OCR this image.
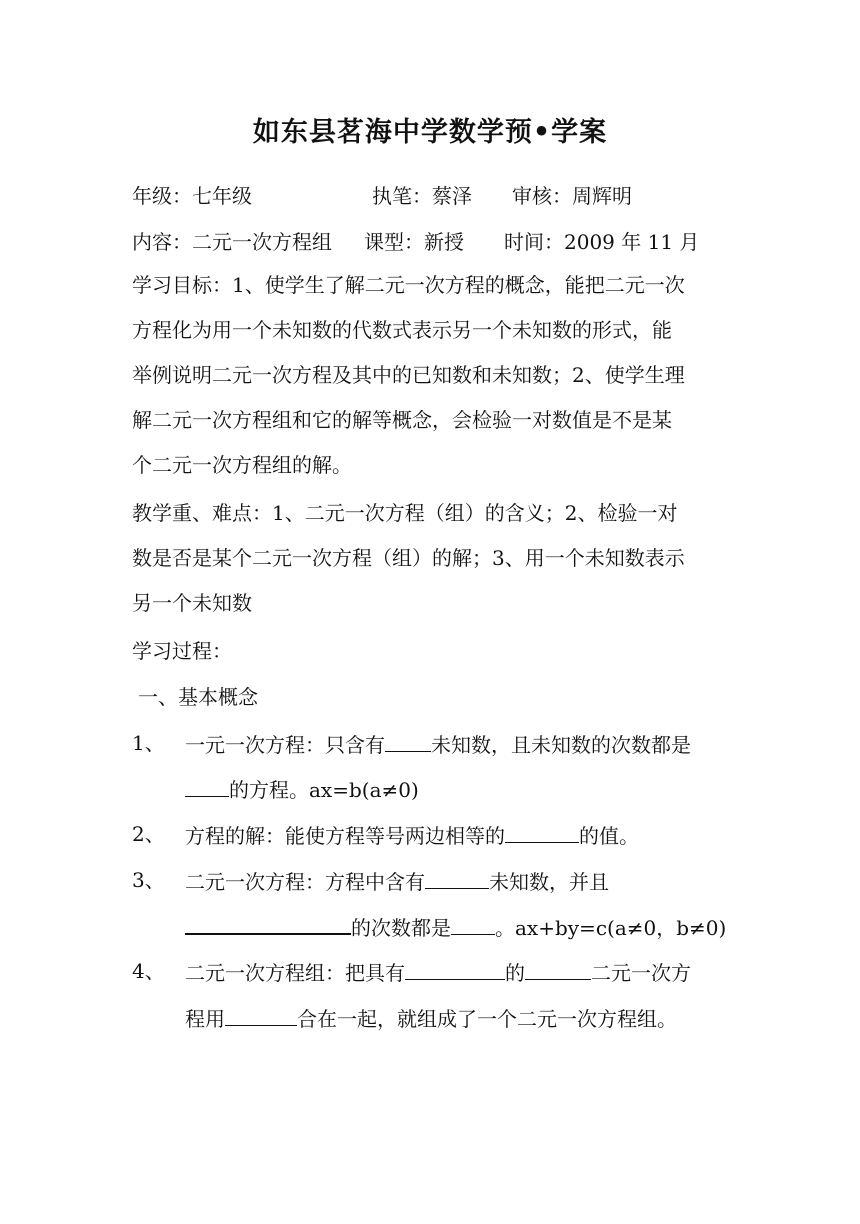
如东县茗海中学数学预•学案
年级：七年级	执笔：蔡泽 审核：周辉明
内容：二元一次方程组 课型：新授 时间：2009 年 11 月
学习目标：1、使学生了解二元一次方程的概念，能把二元一次
方程化为用一个未知数的代数式表示另一个未知数的形式，能
举例说明二元一次方程及其中的已知数和未知数；2、使学生理
解二元一次方程组和它的解等概念，会检验一对数值是不是某
个二元一次方程组的解。
教学重、难点：1、二元一次方程（组）的含义；2、检验一对
数是否是某个二元一次方程（组）的解；3、用一个未知数表示
另一个未知数
学习过程：
一、基本概念
1、 一元一次方程：只含有 未知数，且未知数的次数都是
的方程。ax=b(a≠0)
2、 方程的解：能使方程等号两边相等的	的值。
3、 二元一次方程：方程中含有	未知数，并且
的次数都是 。ax+by=c(a≠0，b≠0)
4、 二元一次方程组：把具有	的	二元一次方
程用	合在一起，就组成了一个二元一次方程组。
